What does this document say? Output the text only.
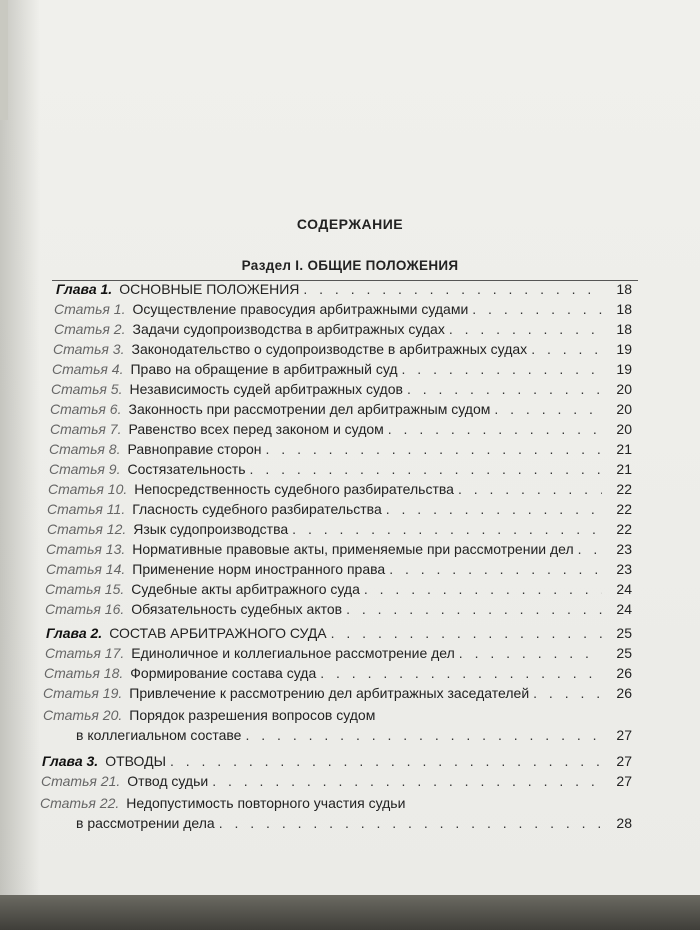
СОДЕРЖАНИЕ
Раздел I. ОБЩИЕ ПОЛОЖЕНИЯ
Глава 1. ОСНОВНЫЕ ПОЛОЖЕНИЯ . . .	18
Статья 1. Осуществление правосудия арбитражными судами . . .	18
Статья 2. Задачи судопроизводства в арбитражных судах . . .	18
Статья 3. Законодательство о судопроизводстве в арбитражных судах . . .	19
Статья 4. Право на обращение в арбитражный суд . . .	19
Статья 5. Независимость судей арбитражных судов . . .	20
Статья 6. Законность при рассмотрении дел арбитражным судом . . .	20
Статья 7. Равенство всех перед законом и судом . . .	20
Статья 8. Равноправие сторон . . .	21
Статья 9. Состязательность . . .	21
Статья 10. Непосредственность судебного разбирательства . . .	22
Статья 11. Гласность судебного разбирательства . . .	22
Статья 12. Язык судопроизводства . . .	22
Статья 13. Нормативные правовые акты, применяемые при рассмотрении дел . . .	23
Статья 14. Применение норм иностранного права . . .	23
Статья 15. Судебные акты арбитражного суда . . .	24
Статья 16. Обязательность судебных актов . . .	24
Глава 2. СОСТАВ АРБИТРАЖНОГО СУДА . . .	25
Статья 17. Единоличное и коллегиальное рассмотрение дел . . .	25
Статья 18. Формирование состава суда . . .	26
Статья 19. Привлечение к рассмотрению дел арбитражных заседателей . . .	26
Статья 20. Порядок разрешения вопросов судом
в коллегиальном составе . . .	27
Глава 3. ОТВОДЫ . . .	27
Статья 21. Отвод судьи . . .	27
Статья 22. Недопустимость повторного участия судьи
в рассмотрении дела . . .	28
